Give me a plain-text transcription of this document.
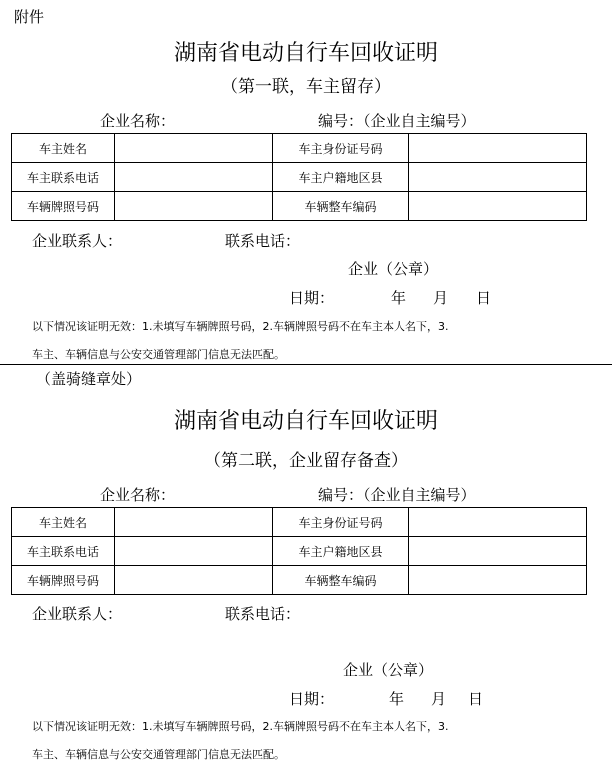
附件
湖南省电动自行车回收证明
（第一联，车主留存）
企业名称：	编号：（企业自主编号）
车主姓名		车主身份证号码	
车主联系电话		车主户籍地区县	
车辆牌照号码		车辆整车编码	
企业联系人：	联系电话：
企业（公章）
日期：	年 月 日
以下情况该证明无效：1.未填写车辆牌照号码，2.车辆牌照号码不在车主本人名下，3.
车主、车辆信息与公安交通管理部门信息无法匹配。
（盖骑缝章处）
湖南省电动自行车回收证明
（第二联，企业留存备查）
企业名称：	编号：（企业自主编号）
车主姓名		车主身份证号码	
车主联系电话		车主户籍地区县	
车辆牌照号码		车辆整车编码	
企业联系人：	联系电话：
企业（公章）
日期：	年 月 日
以下情况该证明无效：1.未填写车辆牌照号码，2.车辆牌照号码不在车主本人名下，3.
车主、车辆信息与公安交通管理部门信息无法匹配。
